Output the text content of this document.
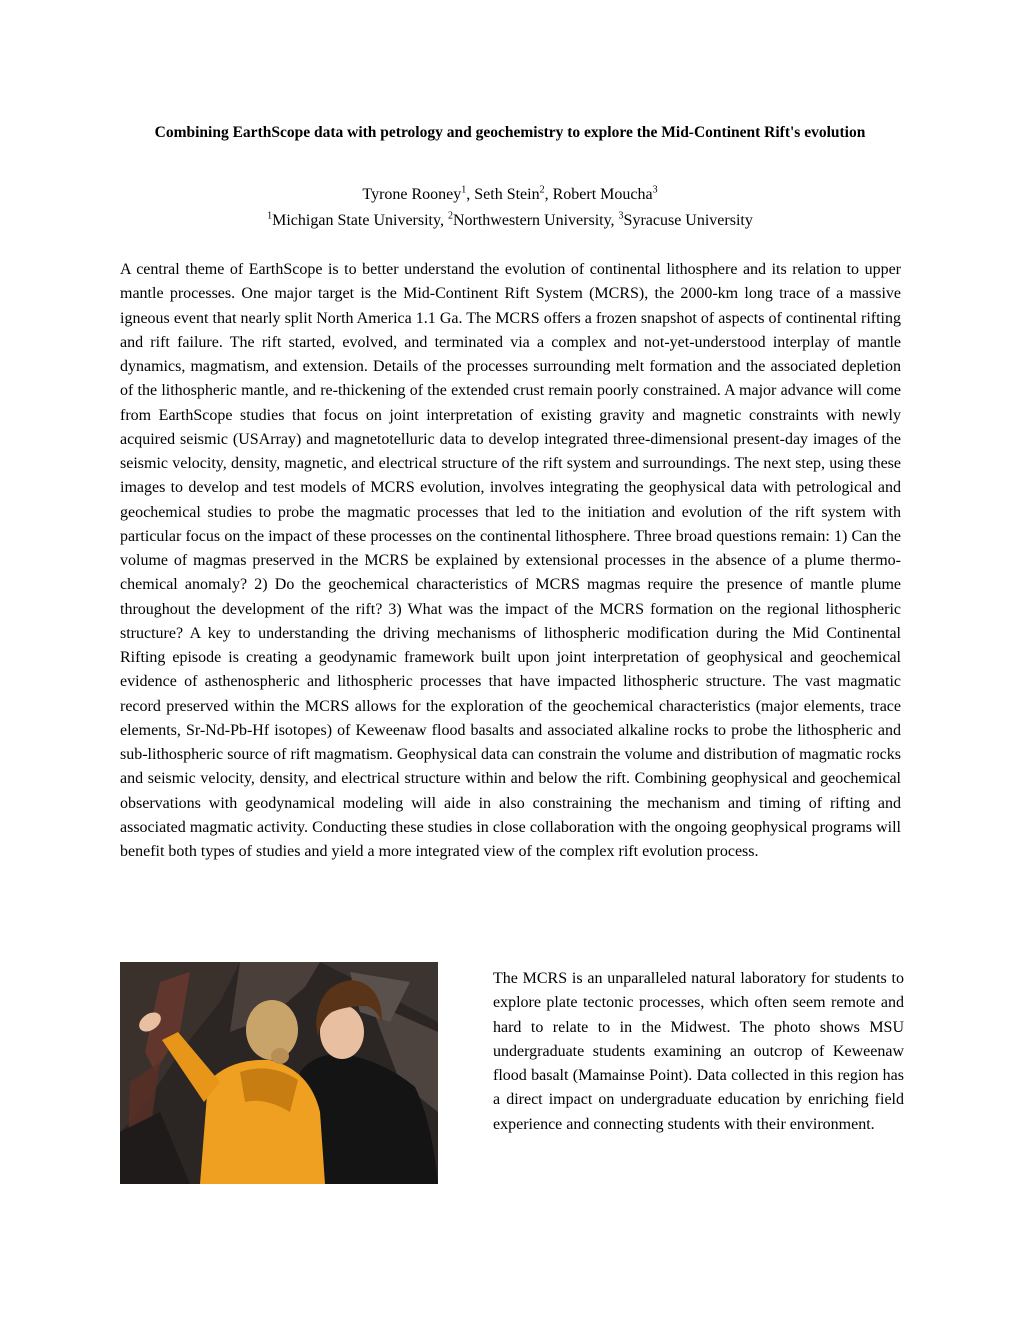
Combining EarthScope data with petrology and geochemistry to explore the Mid-Continent Rift's evolution
Tyrone Rooney$^1$, Seth Stein$^2$, Robert Moucha$^3$
$^1$Michigan State University, $^2$Northwestern University, $^3$Syracuse University

A central theme of EarthScope is to better understand the evolution of continental lithosphere and its relation to upper mantle processes. One major target is the Mid-Continent Rift System (MCRS), the 2000-km long trace of a massive igneous event that nearly split North America 1.1 Ga. The MCRS offers a frozen snapshot of aspects of continental rifting and rift failure. The rift started, evolved, and terminated via a complex and not-yet-understood interplay of mantle dynamics, magmatism, and extension. Details of the processes surrounding melt formation and the associated depletion of the lithospheric mantle, and re-thickening of the extended crust remain poorly constrained. A major advance will come from EarthScope studies that focus on joint interpretation of existing gravity and magnetic constraints with newly acquired seismic (USArray) and magnetotelluric data to develop integrated three-dimensional present-day images of the seismic velocity, density, magnetic, and electrical structure of the rift system and surroundings. The next step, using these images to develop and test models of MCRS evolution, involves integrating the geophysical data with petrological and geochemical studies to probe the magmatic processes that led to the initiation and evolution of the rift system with particular focus on the impact of these processes on the continental lithosphere. Three broad questions remain: 1) Can the volume of magmas preserved in the MCRS be explained by extensional processes in the absence of a plume thermo-chemical anomaly? 2) Do the geochemical characteristics of MCRS magmas require the presence of mantle plume throughout the development of the rift? 3) What was the impact of the MCRS formation on the regional lithospheric structure? A key to understanding the driving mechanisms of lithospheric modification during the Mid Continental Rifting episode is creating a geodynamic framework built upon joint interpretation of geophysical and geochemical evidence of asthenospheric and lithospheric processes that have impacted lithospheric structure. The vast magmatic record preserved within the MCRS allows for the exploration of the geochemical characteristics (major elements, trace elements, Sr-Nd-Pb-Hf isotopes) of Keweenaw flood basalts and associated alkaline rocks to probe the lithospheric and sub-lithospheric source of rift magmatism. Geophysical data can constrain the volume and distribution of magmatic rocks and seismic velocity, density, and electrical structure within and below the rift. Combining geophysical and geochemical observations with geodynamical modeling will aide in also constraining the mechanism and timing of rifting and associated magmatic activity. Conducting these studies in close collaboration with the ongoing geophysical programs will benefit both types of studies and yield a more integrated view of the complex rift evolution process.

The MCRS is an unparalleled natural laboratory for students to explore plate tectonic processes, which often seem remote and hard to relate to in the Midwest. The photo shows MSU undergraduate students examining an outcrop of Keweenaw flood basalt (Mamainse Point). Data collected in this region has a direct impact on undergraduate education by enriching field experience and connecting students with their environment.
